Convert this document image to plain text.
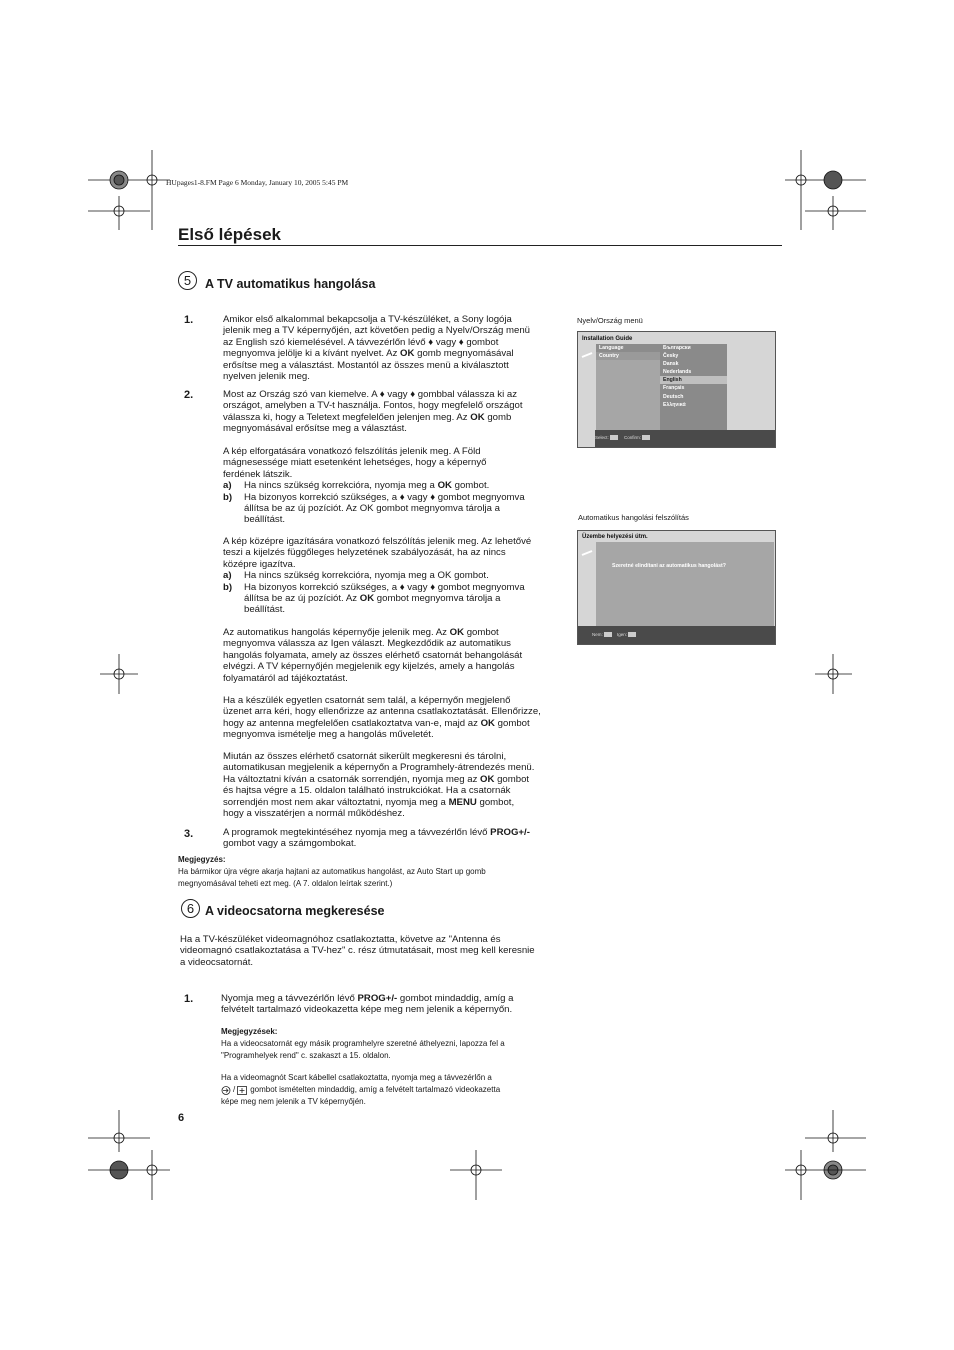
HUpages1-8.FM Page 6 Monday, January 10, 2005 5:45 PM
Első lépések
5	A TV automatikus hangolása
1.	Amikor első alkalommal bekapcsolja a TV-készüléket, a Sony logója
jelenik meg a TV képernyőjén, azt követően pedig a Nyelv/Ország menü
az English szó kiemelésével. A távvezérlőn lévő ♦ vagy ♦ gombot
megnyomva jelölje ki a kívánt nyelvet. Az OK gomb megnyomásával
erősítse meg a választást. Mostantól az összes menü a kiválasztott
nyelven jelenik meg.
2.	Most az Ország szó van kiemelve. A ♦ vagy ♦ gombbal válassza ki az
országot, amelyben a TV-t használja. Fontos, hogy megfelelő országot
válassza ki, hogy a Teletext megfelelően jelenjen meg. Az OK gomb
megnyomásával erősítse meg a választást.
A kép elforgatására vonatkozó felszólítás jelenik meg. A Föld
mágnesessége miatt esetenként lehetséges, hogy a képernyő
ferdének látszik.
a)	Ha nincs szükség korrekcióra, nyomja meg a OK gombot.
b)	Ha bizonyos korrekció szükséges, a ♦ vagy ♦ gombot megnyomva
állítsa be az új pozíciót. Az OK gombot megnyomva tárolja a
beállítást.
A kép középre igazítására vonatkozó felszólítás jelenik meg. Az lehetővé
teszi a kijelzés függőleges helyzetének szabályozását, ha az nincs
középre igazítva.
a)	Ha nincs szükség korrekcióra, nyomja meg a OK gombot.
b)	Ha bizonyos korrekció szükséges, a ♦ vagy ♦ gombot megnyomva
állítsa be az új pozíciót. Az OK gombot megnyomva tárolja a
beállítást.
Az automatikus hangolás képernyője jelenik meg. Az OK gombot
megnyomva válassza az Igen választ. Megkezdődik az automatikus
hangolás folyamata, amely az összes elérhető csatornát behangolását
elvégzi. A TV képernyőjén megjelenik egy kijelzés, amely a hangolás
folyamatáról ad tájékoztatást.
Ha a készülék egyetlen csatornát sem talál, a képernyőn megjelenő
üzenet arra kéri, hogy ellenőrizze az antenna csatlakoztatását. Ellenőrizze,
hogy az antenna megfelelően csatlakoztatva van-e, majd az OK gombot
megnyomva ismételje meg a hangolás műveletét.
Miután az összes elérhető csatornát sikerült megkeresni és tárolni,
automatikusan megjelenik a képernyőn a Programhely-átrendezés menü.
Ha változtatni kíván a csatornák sorrendjén, nyomja meg az OK gombot
és hajtsa végre a 15. oldalon található instrukciókat. Ha a csatornák
sorrendjén most nem akar változtatni, nyomja meg a MENU gombot,
hogy a visszatérjen a normál működéshez.
3.	A programok megtekintéséhez nyomja meg a távvezérlőn lévő PROG+/-
gombot vagy a számgombokat.
Megjegyzés:
Ha bármikor újra végre akarja hajtani az automatikus hangolást, az Auto Start up gomb
megnyomásával teheti ezt meg. (A 7. oldalon leírtak szerint.)
6 A videocsatorna megkeresése
Ha a TV-készüléket videomagnóhoz csatlakoztatta, követve az "Antenna és
videomagnó csatlakoztatása a TV-hez" c. rész útmutatásait, most meg kell keresnie
a videocsatornát.
1.	Nyomja meg a távvezérlőn lévő PROG+/- gombot mindaddig, amíg a
felvételt tartalmazó videokazetta képe meg nem jelenik a képernyőn.
Megjegyzések:
Ha a videocsatornát egy másik programhelyre szeretné áthelyezni, lapozza fel a
"Programhelyek rend" c. szakaszt a 15. oldalon.
Ha a videomagnót Scart kábellel csatlakoztatta, nyomja meg a távvezérlőn a
/ gombot ismételten mindaddig, amíg a felvételt tartalmazó videokazetta
képe meg nem jelenik a TV képernyőjén.
6
Nyelv/Ország menü
Installation Guide
Language
Country
Български
Česky
Dansk
Nederlands
English
Français
Deutsch
Ελληνικά
Select:	Confirm:
Automatikus hangolási felszólítás
Üzembe helyezési útm.
Szeretné elindítani az automatikus hangolást?
Nem:	Igen:
